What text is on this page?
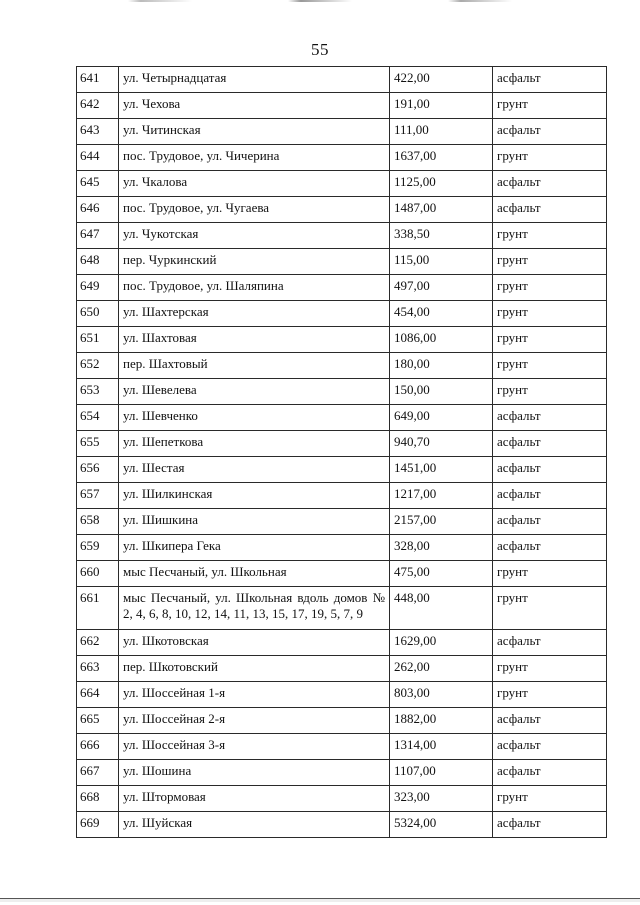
55
641	ул. Четырнадцатая	422,00	асфальт
642	ул. Чехова	191,00	грунт
643	ул. Читинская	111,00	асфальт
644	пос. Трудовое, ул. Чичерина	1637,00	грунт
645	ул. Чкалова	1125,00	асфальт
646	пос. Трудовое, ул. Чугаева	1487,00	асфальт
647	ул. Чукотская	338,50	грунт
648	пер. Чуркинский	115,00	грунт
649	пос. Трудовое, ул. Шаляпина	497,00	грунт
650	ул. Шахтерская	454,00	грунт
651	ул. Шахтовая	1086,00	грунт
652	пер. Шахтовый	180,00	грунт
653	ул. Шевелева	150,00	грунт
654	ул. Шевченко	649,00	асфальт
655	ул. Шепеткова	940,70	асфальт
656	ул. Шестая	1451,00	асфальт
657	ул. Шилкинская	1217,00	асфальт
658	ул. Шишкина	2157,00	асфальт
659	ул. Шкипера Гека	328,00	асфальт
660	мыс Песчаный, ул. Школьная	475,00	грунт
661	мыс Песчаный, ул. Школьная вдоль домов № 2, 4, 6, 8, 10, 12, 14, 11, 13, 15, 17, 19, 5, 7, 9	448,00	грунт
662	ул. Шкотовская	1629,00	асфальт
663	пер. Шкотовский	262,00	грунт
664	ул. Шоссейная 1-я	803,00	грунт
665	ул. Шоссейная 2-я	1882,00	асфальт
666	ул. Шоссейная 3-я	1314,00	асфальт
667	ул. Шошина	1107,00	асфальт
668	ул. Штормовая	323,00	грунт
669	ул. Шуйская	5324,00	асфальт
